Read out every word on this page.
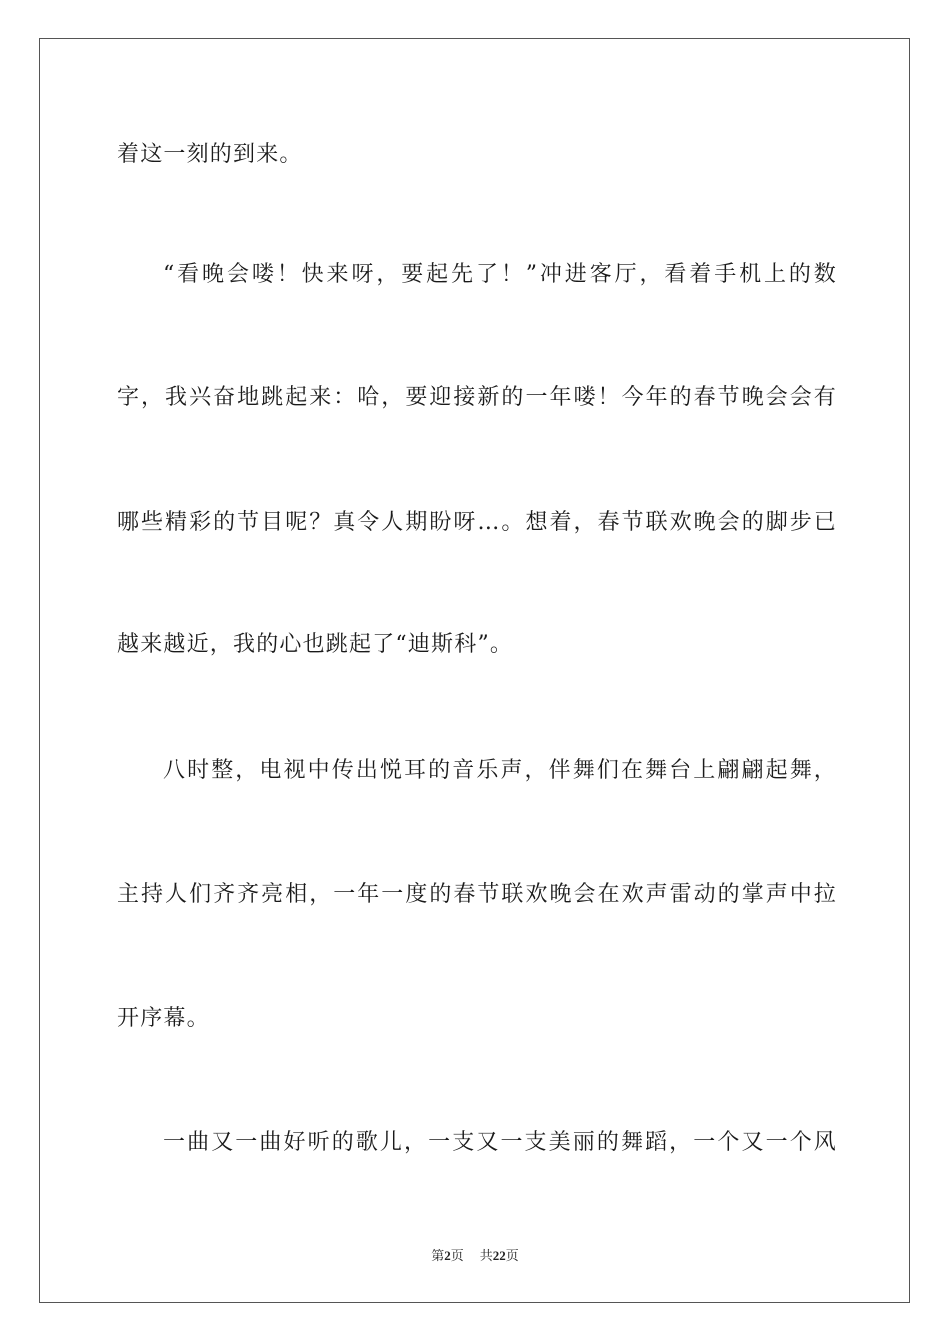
着这一刻的到来。
“看晚会喽！快来呀，要起先了！”冲进客厅，看着手机上的数
字，我兴奋地跳起来：哈，要迎接新的一年喽！今年的春节晚会会有
哪些精彩的节目呢？真令人期盼呀…。想着，春节联欢晚会的脚步已
越来越近，我的心也跳起了“迪斯科”。
八时整，电视中传出悦耳的音乐声，伴舞们在舞台上翩翩起舞，
主持人们齐齐亮相，一年一度的春节联欢晚会在欢声雷动的掌声中拉
开序幕。
一曲又一曲好听的歌儿，一支又一支美丽的舞蹈，一个又一个风
第2页 共22页
